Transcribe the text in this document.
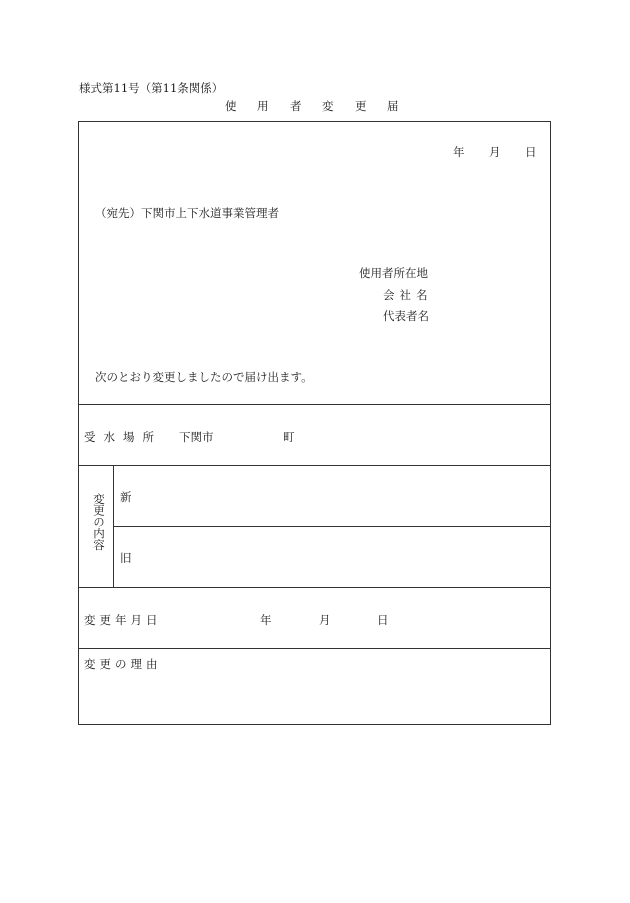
様式第11号（第11条関係）
使 用 者 変 更 届
年 月 日
（宛先）下関市上下水道事業管理者
使用者所在地
会社名
代表者名
次のとおり変更しましたので届け出ます。
受水場所 下関市	町
変更の内容 新
旧
変更年月日	年	月	日
変更の理由
